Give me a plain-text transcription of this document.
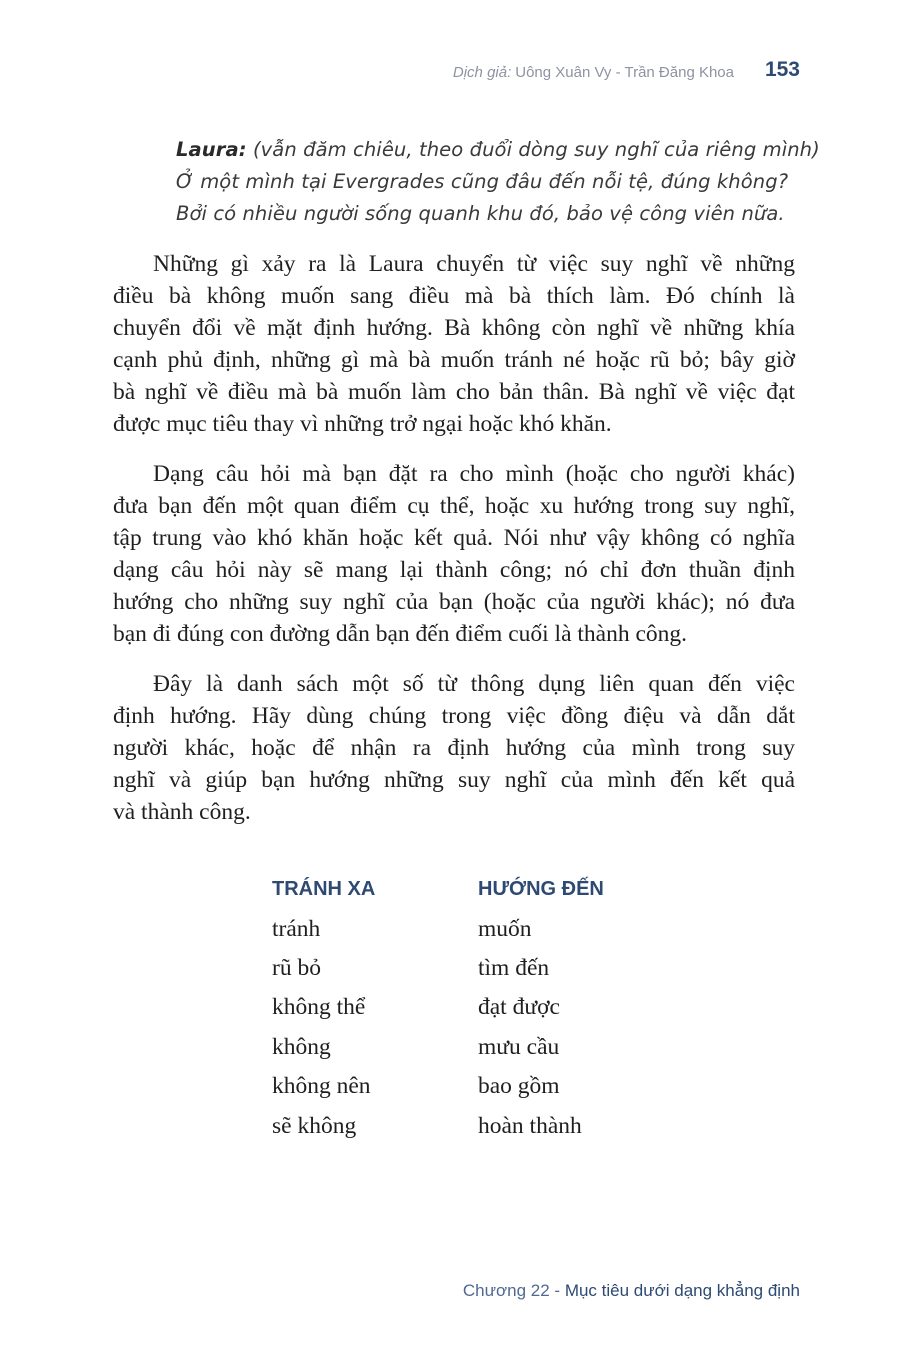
Dịch giả: Uông Xuân Vy - Trần Đăng Khoa 153
Laura: (vẫn đăm chiêu, theo đuổi dòng suy nghĩ của riêng mình)
Ở một mình tại Evergrades cũng đâu đến nỗi tệ, đúng không?
Bởi có nhiều người sống quanh khu đó, bảo vệ công viên nữa.
Những gì xảy ra là Laura chuyển từ việc suy nghĩ về những
điều bà không muốn sang điều mà bà thích làm. Đó chính là
chuyển đổi về mặt định hướng. Bà không còn nghĩ về những khía
cạnh phủ định, những gì mà bà muốn tránh né hoặc rũ bỏ; bây giờ
bà nghĩ về điều mà bà muốn làm cho bản thân. Bà nghĩ về việc đạt
được mục tiêu thay vì những trở ngại hoặc khó khăn.
Dạng câu hỏi mà bạn đặt ra cho mình (hoặc cho người khác)
đưa bạn đến một quan điểm cụ thể, hoặc xu hướng trong suy nghĩ,
tập trung vào khó khăn hoặc kết quả. Nói như vậy không có nghĩa
dạng câu hỏi này sẽ mang lại thành công; nó chỉ đơn thuần định
hướng cho những suy nghĩ của bạn (hoặc của người khác); nó đưa
bạn đi đúng con đường dẫn bạn đến điểm cuối là thành công.
Đây là danh sách một số từ thông dụng liên quan đến việc
định hướng. Hãy dùng chúng trong việc đồng điệu và dẫn dắt
người khác, hoặc để nhận ra định hướng của mình trong suy
nghĩ và giúp bạn hướng những suy nghĩ của mình đến kết quả
và thành công.
TRÁNH XA	HƯỚNG ĐẾN
tránh	muốn
rũ bỏ	tìm đến
không thể	đạt được
không	mưu cầu
không nên	bao gồm
sẽ không	hoàn thành
Chương 22 - Mục tiêu dưới dạng khẳng định
